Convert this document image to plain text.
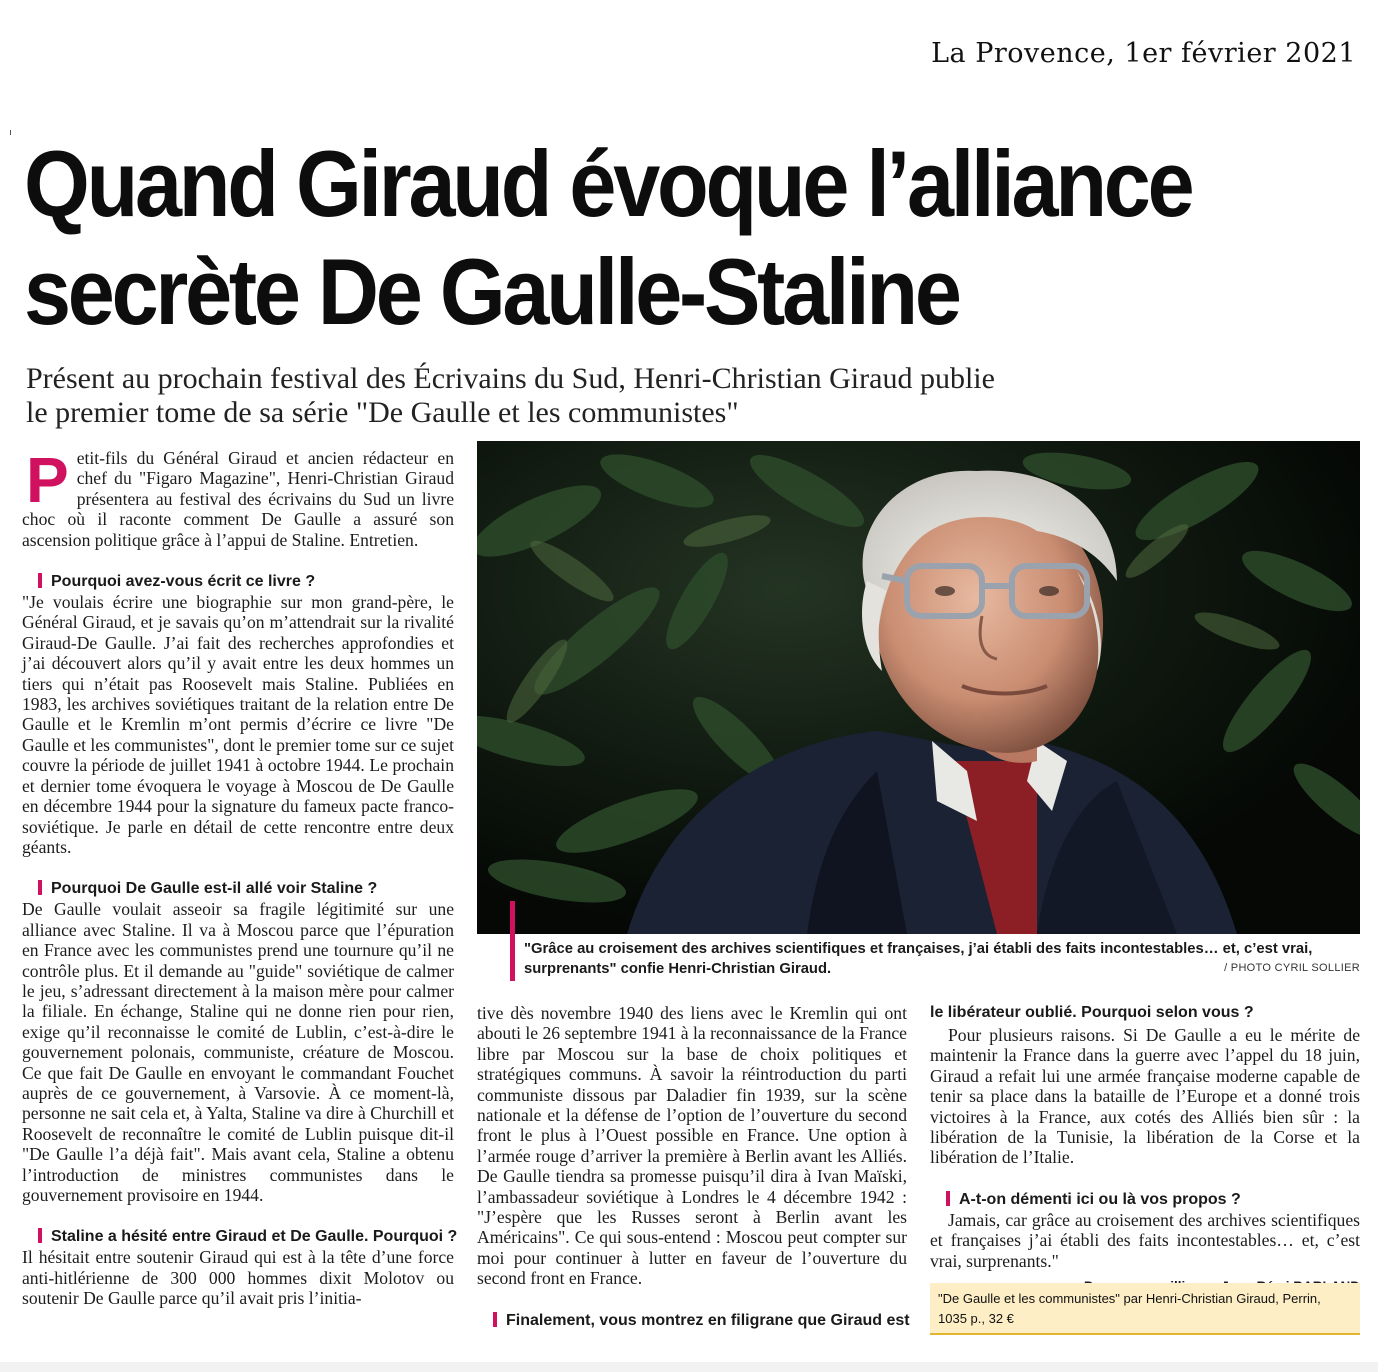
La Provence, 1er février 2021
Quand Giraud évoque l’alliance
secrète De Gaulle-Staline
Présent au prochain festival des Écrivains du Sud, Henri-Christian Giraud publie
le premier tome de sa série "De Gaulle et les communistes"

Petit-fils du Général Giraud et ancien rédacteur en chef du "Figaro Magazine", Henri-Christian Giraud présentera au festival des écrivains du Sud un livre choc où il raconte comment De Gaulle a assuré son ascension politique grâce à l’appui de Staline. Entretien.

Pourquoi avez-vous écrit ce livre ?

"Je voulais écrire une biographie sur mon grand-père, le Général Giraud, et je savais qu’on m’attendrait sur la rivalité Giraud-De Gaulle. J’ai fait des recherches approfondies et j’ai découvert alors qu’il y avait entre les deux hommes un tiers qui n’était pas Roosevelt mais Staline. Publiées en 1983, les archives soviétiques traitant de la relation entre De Gaulle et le Kremlin m’ont permis d’écrire ce livre "De Gaulle et les communistes", dont le premier tome sur ce sujet couvre la période de juillet 1941 à octobre 1944. Le prochain et dernier tome évoquera le voyage à Moscou de De Gaulle en décembre 1944 pour la signature du fameux pacte franco-soviétique. Je parle en détail de cette rencontre entre deux géants.

Pourquoi De Gaulle est-il allé voir Staline ?

De Gaulle voulait asseoir sa fragile légitimité sur une alliance avec Staline. Il va à Moscou parce que l’épuration en France avec les communistes prend une tournure qu’il ne contrôle plus. Et il demande au "guide" soviétique de calmer le jeu, s’adressant directement à la maison mère pour calmer la filiale. En échange, Staline qui ne donne rien pour rien, exige qu’il reconnaisse le comité de Lublin, c’est-à-dire le gouvernement polonais, communiste, créature de Moscou. Ce que fait De Gaulle en envoyant le commandant Fouchet auprès de ce gouvernement, à Varsovie. À ce moment-là, personne ne sait cela et, à Yalta, Staline va dire à Churchill et Roosevelt de reconnaître le comité de Lublin puisque dit-il "De Gaulle l’a déjà fait". Mais avant cela, Staline a obtenu l’introduction de ministres communistes dans le gouvernement provisoire en 1944.

Staline a hésité entre Giraud et De Gaulle. Pourquoi ?

Il hésitait entre soutenir Giraud qui est à la tête d’une force anti-hitlérienne de 300 000 hommes dixit Molotov ou soutenir De Gaulle parce qu’il avait pris l’initia-

"Grâce au croisement des archives scientifiques et françaises, j’ai établi des faits incontestables… et, c’est vrai,
surprenants" confie Henri-Christian Giraud.	/ PHOTO CYRIL SOLLIER

tive dès novembre 1940 des liens avec le Kremlin qui ont abouti le 26 septembre 1941 à la reconnaissance de la France libre par Moscou sur la base de choix politiques et stratégiques communs. À savoir la réintroduction du parti communiste dissous par Daladier fin 1939, sur la scène nationale et la défense de l’option de l’ouverture du second front le plus à l’Ouest possible en France. Une option à l’armée rouge d’arriver la première à Berlin avant les Alliés. De Gaulle tiendra sa promesse puisqu’il dira à Ivan Maïski, l’ambassadeur soviétique à Londres le 4 décembre 1942 : "J’espère que les Russes seront à Berlin avant les Américains". Ce qui sous-entend : Moscou peut compter sur moi pour continuer à lutter en faveur de l’ouverture du second front en France.

Finalement, vous montrez en filigrane que Giraud est
le libérateur oublié. Pourquoi selon vous ?

Pour plusieurs raisons. Si De Gaulle a eu le mérite de maintenir la France dans la guerre avec l’appel du 18 juin, Giraud a refait lui une armée française moderne capable de tenir sa place dans la bataille de l’Europe et a donné trois victoires à la France, aux cotés des Alliés bien sûr : la libération de la Tunisie, la libération de la Corse et la libération de l’Italie.

A-t-on démenti ici ou là vos propos ?

Jamais, car grâce au croisement des archives scientifiques et françaises j’ai établi des faits incontestables… et, c’est vrai, surprenants."

"De Gaulle et les communistes" par Henri-Christian Giraud, Perrin,
1035 p., 32 €
